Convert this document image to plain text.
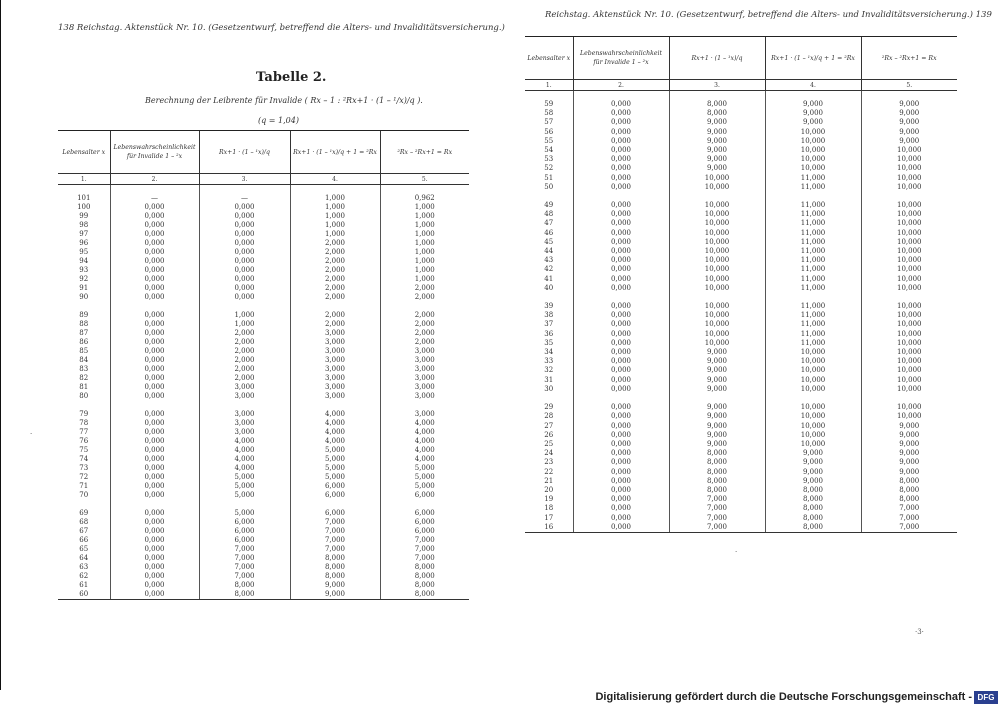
138 Reichstag. Aktenstück Nr. 10. (Gesetzentwurf, betreffend die Alters- und Invaliditätsversicherung.)
Tabelle 2.
Berechnung der Leibrente für Invalide ( Rx – 1 : ²Rx+1 · (1 – ¹/x)/q ).
(q = 1,04)
Lebensalter x	Lebenswahrscheinlichkeit für Invalide 1 – ²x	Rx+1 · (1 – ¹x)/q	Rx+1 · (1 – ¹x)/q + 1 = ²Rx	²Rx – ²Rx+1 = Rx
1.	2.	3.	4.	5.

101	—	—	1,000	0,962
100	0,000	0,000	1,000	1,000
99	0,000	0,000	1,000	1,000
98	0,000	0,000	1,000	1,000
97	0,000	0,000	1,000	1,000
96	0,000	0,000	2,000	1,000
95	0,000	0,000	2,000	1,000
94	0,000	0,000	2,000	1,000
93	0,000	0,000	2,000	1,000
92	0,000	0,000	2,000	1,000
91	0,000	0,000	2,000	2,000
90	0,000	0,000	2,000	2,000

89	0,000	1,000	2,000	2,000
88	0,000	1,000	2,000	2,000
87	0,000	2,000	3,000	2,000
86	0,000	2,000	3,000	2,000
85	0,000	2,000	3,000	3,000
84	0,000	2,000	3,000	3,000
83	0,000	2,000	3,000	3,000
82	0,000	2,000	3,000	3,000
81	0,000	3,000	3,000	3,000
80	0,000	3,000	3,000	3,000

79	0,000	3,000	4,000	3,000
78	0,000	3,000	4,000	4,000
77	0,000	3,000	4,000	4,000
76	0,000	4,000	4,000	4,000
75	0,000	4,000	5,000	4,000
74	0,000	4,000	5,000	4,000
73	0,000	4,000	5,000	5,000
72	0,000	5,000	5,000	5,000
71	0,000	5,000	6,000	5,000
70	0,000	5,000	6,000	6,000

69	0,000	5,000	6,000	6,000
68	0,000	6,000	7,000	6,000
67	0,000	6,000	7,000	6,000
66	0,000	6,000	7,000	7,000
65	0,000	7,000	7,000	7,000
64	0,000	7,000	8,000	7,000
63	0,000	7,000	8,000	8,000
62	0,000	7,000	8,000	8,000
61	0,000	8,000	9,000	8,000
60	0,000	8,000	9,000	8,000
·
Reichstag. Aktenstück Nr. 10. (Gesetzentwurf, betreffend die Alters- und Invaliditätsversicherung.) 139
Lebensalter x	Lebenswahrscheinlichkeit für Invalide 1 – ²x	Rx+1 · (1 – ¹x)/q	Rx+1 · (1 – ¹x)/q + 1 = ²Rx	²Rx – ²Rx+1 = Rx
1.	2.	3.	4.	5.

59	0,000	8,000	9,000	9,000
58	0,000	8,000	9,000	9,000
57	0,000	9,000	9,000	9,000
56	0,000	9,000	10,000	9,000
55	0,000	9,000	10,000	9,000
54	0,000	9,000	10,000	10,000
53	0,000	9,000	10,000	10,000
52	0,000	9,000	10,000	10,000
51	0,000	10,000	11,000	10,000
50	0,000	10,000	11,000	10,000

49	0,000	10,000	11,000	10,000
48	0,000	10,000	11,000	10,000
47	0,000	10,000	11,000	10,000
46	0,000	10,000	11,000	10,000
45	0,000	10,000	11,000	10,000
44	0,000	10,000	11,000	10,000
43	0,000	10,000	11,000	10,000
42	0,000	10,000	11,000	10,000
41	0,000	10,000	11,000	10,000
40	0,000	10,000	11,000	10,000

39	0,000	10,000	11,000	10,000
38	0,000	10,000	11,000	10,000
37	0,000	10,000	11,000	10,000
36	0,000	10,000	11,000	10,000
35	0,000	10,000	11,000	10,000
34	0,000	9,000	10,000	10,000
33	0,000	9,000	10,000	10,000
32	0,000	9,000	10,000	10,000
31	0,000	9,000	10,000	10,000
30	0,000	9,000	10,000	10,000

29	0,000	9,000	10,000	10,000
28	0,000	9,000	10,000	10,000
27	0,000	9,000	10,000	9,000
26	0,000	9,000	10,000	9,000
25	0,000	9,000	10,000	9,000
24	0,000	8,000	9,000	9,000
23	0,000	8,000	9,000	9,000
22	0,000	8,000	9,000	9,000
21	0,000	8,000	9,000	8,000
20	0,000	8,000	8,000	8,000
19	0,000	7,000	8,000	8,000
18	0,000	7,000	8,000	7,000
17	0,000	7,000	8,000	7,000
16	0,000	7,000	8,000	7,000
·3·
·
Digitalisierung gefördert durch die Deutsche Forschungsgemeinschaft - DFG
